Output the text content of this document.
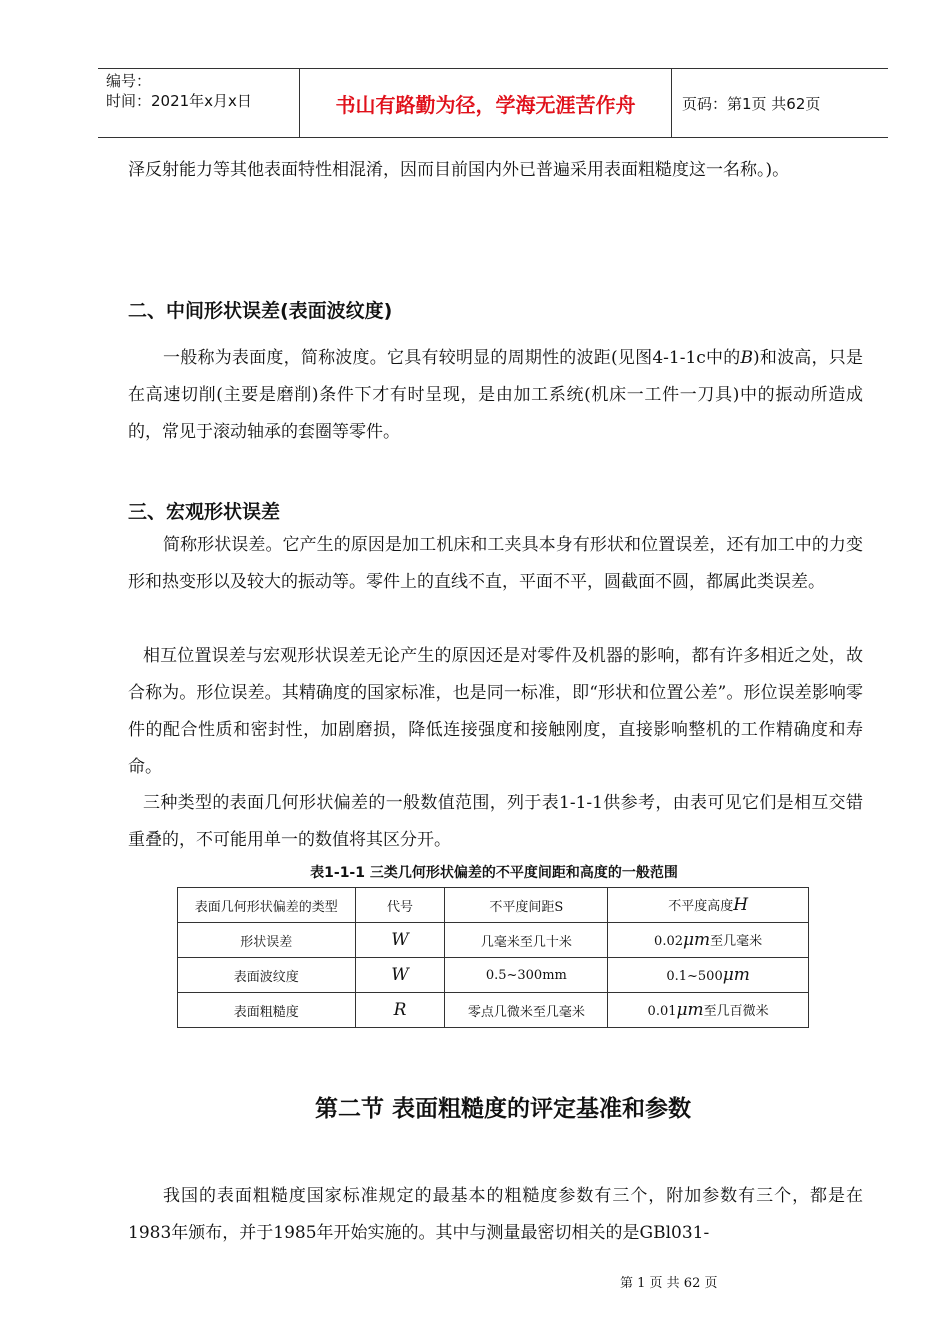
编号：
时间：2021年x月x日	书山有路勤为径，学海无涯苦作舟	页码：第1页 共62页

泽反射能力等其他表面特性相混淆，因而目前国内外已普遍采用表面粗糙度这一名称。)。

二、中间形状误差(表面波纹度)

一般称为表面度，简称波度。它具有较明显的周期性的波距(见图4-1-1c中的B)和波高，只是在高速切削(主要是磨削)条件下才有时呈现，是由加工系统(机床一工件一刀具)中的振动所造成的，常见于滚动轴承的套圈等零件。

三、宏观形状误差

简称形状误差。它产生的原因是加工机床和工夹具本身有形状和位置误差，还有加工中的力变形和热变形以及较大的振动等。零件上的直线不直，平面不平，圆截面不圆，都属此类误差。

相互位置误差与宏观形状误差无论产生的原因还是对零件及机器的影响，都有许多相近之处，故合称为。形位误差。其精确度的国家标准，也是同一标准，即“形状和位置公差”。形位误差影响零件的配合性质和密封性，加剧磨损，降低连接强度和接触刚度，直接影响整机的工作精确度和寿命。

三种类型的表面几何形状偏差的一般数值范围，列于表1-1-1供参考，由表可见它们是相互交错重叠的，不可能用单一的数值将其区分开。

表1-1-1 三类几何形状偏差的不平度间距和高度的一般范围
表面几何形状偏差的类型	代号	不平度间距S	不平度高度H
形状误差	W	几毫米至几十米	0.02μm至几毫米
表面波纹度	W	0.5~300mm	0.1~500μm
表面粗糙度	R	零点几微米至几毫米	0.01μm至几百微米
第二节 表面粗糙度的评定基准和参数

我国的表面粗糙度国家标准规定的最基本的粗糙度参数有三个，附加参数有三个，都是在1983年颁布，并于1985年开始实施的。其中与测量最密切相关的是GBl031-

第 1 页 共 62 页
